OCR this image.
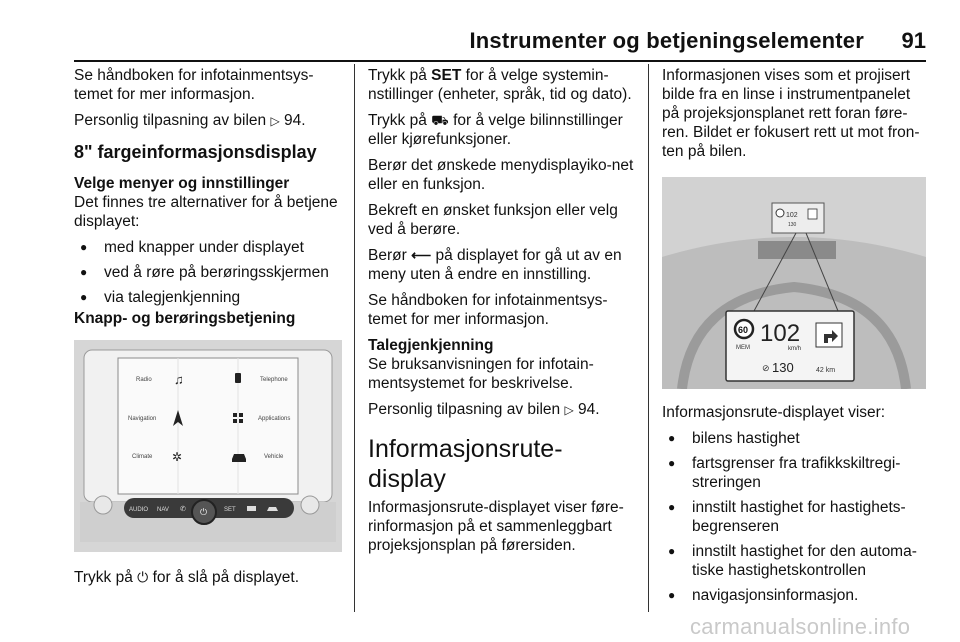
Instrumenter og betjeningselementer 91

Se håndboken for infotainmentsys-temet for mer informasjon.

Personlig tilpasning av bilen ▷ 94.

8" fargeinformasjonsdisplay
Velge menyer og innstillinger

Det finnes tre alternativer for å betjene displayet:

● med knapper under displayet
● ved å røre på berøringsskjermen
● via talegjenkjenning
Knapp- og berøringsbetjening
Radio ♫	Telephone
Navigation	Applications
Climate ✲	Vehicle
AUDIO NAV ✆ ⏻	SET

Trykk på ⏻ for å slå på displayet.

Trykk på SET for å velge systemin-nstillinger (enheter, språk, tid og dato).

Trykk på ⛟ for å velge bilinnstillinger eller kjørefunksjoner.

Berør det ønskede menydisplayiko-net eller en funksjon.

Bekreft en ønsket funksjon eller velg ved å berøre.

Berør ⟵ på displayet for gå ut av en meny uten å endre en innstilling.

Se håndboken for infotainmentsys-temet for mer informasjon.

Talegjenkjenning

Se bruksanvisningen for infotain-mentsystemet for beskrivelse.

Personlig tilpasning av bilen ▷ 94.

Informasjonsrute-display

Informasjonsrute-displayet viser føre-rinformasjon på et sammenleggbart projeksjonsplan på førersiden.

Informasjonen vises som et projisert bilde fra en linse i instrumentpanelet på projeksjonsplanet rett foran føre-ren. Bildet er fokusert rett ut mot fron-ten på bilen.

102
130
60
MEM
102
km/h
⊘ 130	42 km

Informasjonsrute-displayet viser:

● bilens hastighet
● fartsgrenser fra trafikkskiltregi-streringen
● innstilt hastighet for hastighets-begrenseren
● innstilt hastighet for den automa-tiske hastighetskontrollen
● navigasjonsinformasjon.
carmanualsonline.info
